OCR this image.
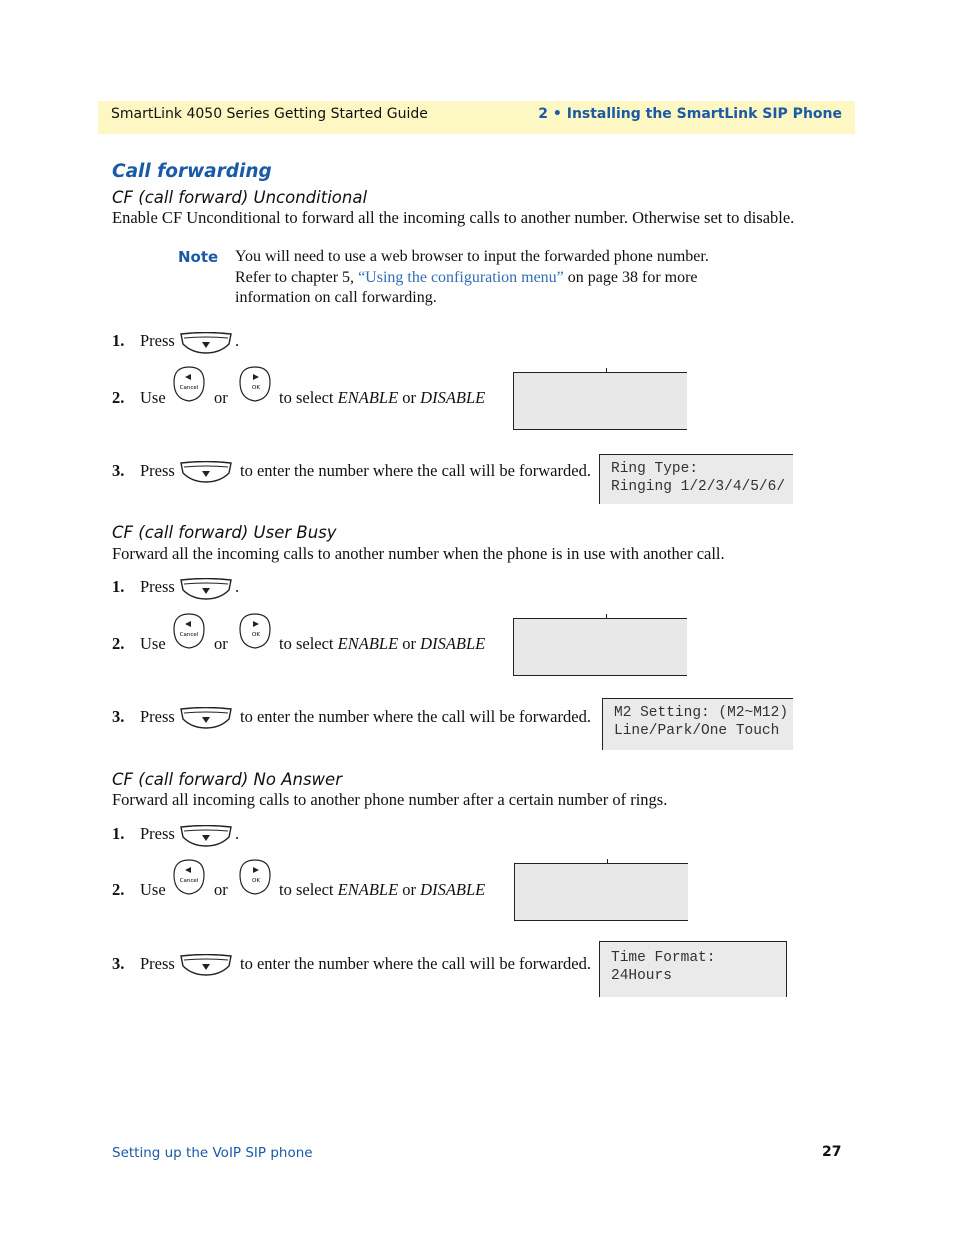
SmartLink 4050 Series Getting Started Guide	2 • Installing the SmartLink SIP Phone
Call forwarding
CF (call forward) Unconditional
Enable CF Unconditional to forward all the incoming calls to another number. Otherwise set to disable.
Note You will need to use a web browser to input the forwarded phone number.
Refer to chapter 5, “Using the configuration menu” on page 38 for more
information on call forwarding.
1. Press	.
2. Use	Cancel or	OK to select ENABLE or DISABLE
3. Press	to enter the number where the call will be forwarded. Ring Type:
Ringing 1/2/3/4/5/6/
CF (call forward) User Busy
Forward all the incoming calls to another number when the phone is in use with another call.
1. Press	.
2. Use	Cancel or	OK to select ENABLE or DISABLE
3. Press	to enter the number where the call will be forwarded. M2 Setting: (M2~M12)
Line/Park/One Touch
CF (call forward) No Answer
Forward all incoming calls to another phone number after a certain number of rings.
1. Press	.
2. Use	Cancel or	OK to select ENABLE or DISABLE
3. Press	to enter the number where the call will be forwarded. Time Format:
24Hours
Setting up the VoIP SIP phone	27
